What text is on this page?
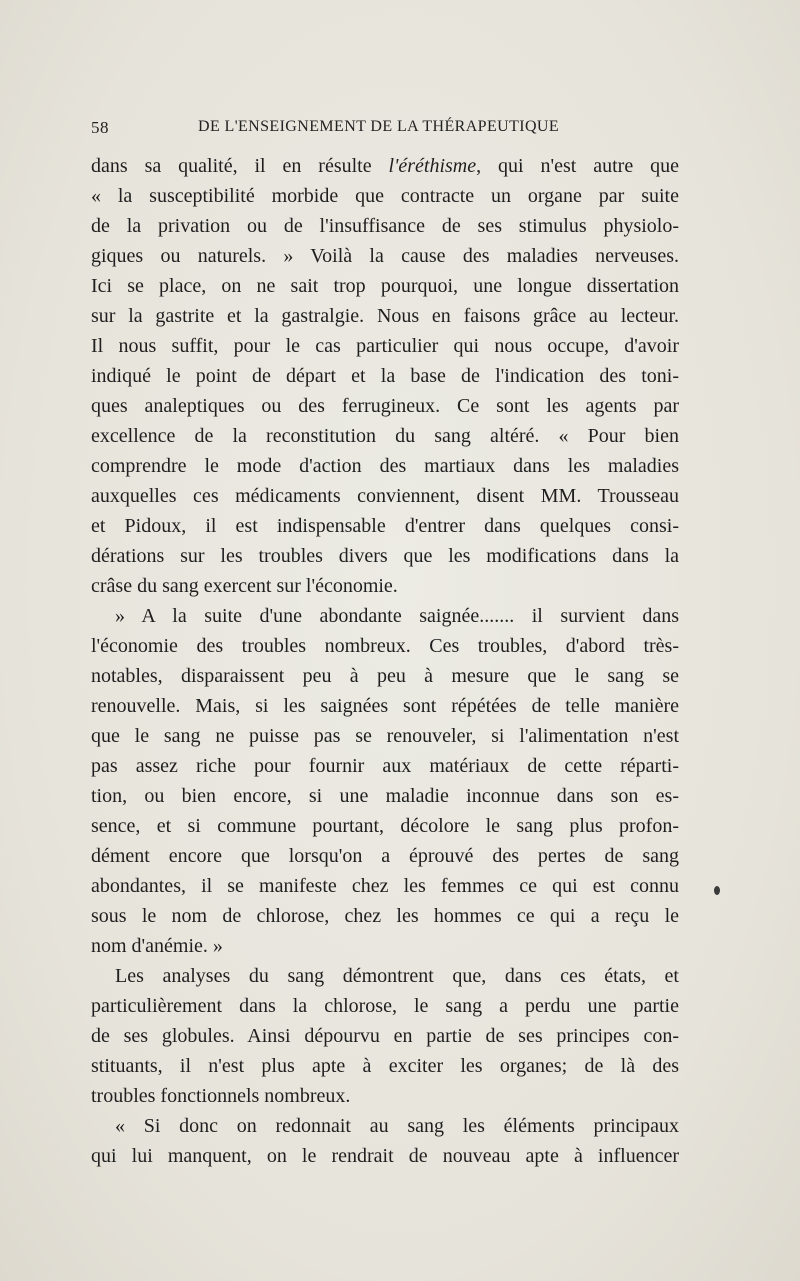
58	DE L'ENSEIGNEMENT DE LA THÉRAPEUTIQUE
dans sa qualité, il en résulte l'éréthisme, qui n'est autre que
« la susceptibilité morbide que contracte un organe par suite
de la privation ou de l'insuffisance de ses stimulus physiolo-
giques ou naturels. » Voilà la cause des maladies nerveuses.
Ici se place, on ne sait trop pourquoi, une longue dissertation
sur la gastrite et la gastralgie. Nous en faisons grâce au lecteur.
Il nous suffit, pour le cas particulier qui nous occupe, d'avoir
indiqué le point de départ et la base de l'indication des toni-
ques analeptiques ou des ferrugineux. Ce sont les agents par
excellence de la reconstitution du sang altéré. « Pour bien
comprendre le mode d'action des martiaux dans les maladies
auxquelles ces médicaments conviennent, disent MM. Trousseau
et Pidoux, il est indispensable d'entrer dans quelques consi-
dérations sur les troubles divers que les modifications dans la
crâse du sang exercent sur l'économie.
» A la suite d'une abondante saignée....... il survient dans
l'économie des troubles nombreux. Ces troubles, d'abord très-
notables, disparaissent peu à peu à mesure que le sang se
renouvelle. Mais, si les saignées sont répétées de telle manière
que le sang ne puisse pas se renouveler, si l'alimentation n'est
pas assez riche pour fournir aux matériaux de cette réparti-
tion, ou bien encore, si une maladie inconnue dans son es-
sence, et si commune pourtant, décolore le sang plus profon-
dément encore que lorsqu'on a éprouvé des pertes de sang
abondantes, il se manifeste chez les femmes ce qui est connu
sous le nom de chlorose, chez les hommes ce qui a reçu le
nom d'anémie. »
Les analyses du sang démontrent que, dans ces états, et
particulièrement dans la chlorose, le sang a perdu une partie
de ses globules. Ainsi dépourvu en partie de ses principes con-
stituants, il n'est plus apte à exciter les organes; de là des
troubles fonctionnels nombreux.
« Si donc on redonnait au sang les éléments principaux
qui lui manquent, on le rendrait de nouveau apte à influencer
